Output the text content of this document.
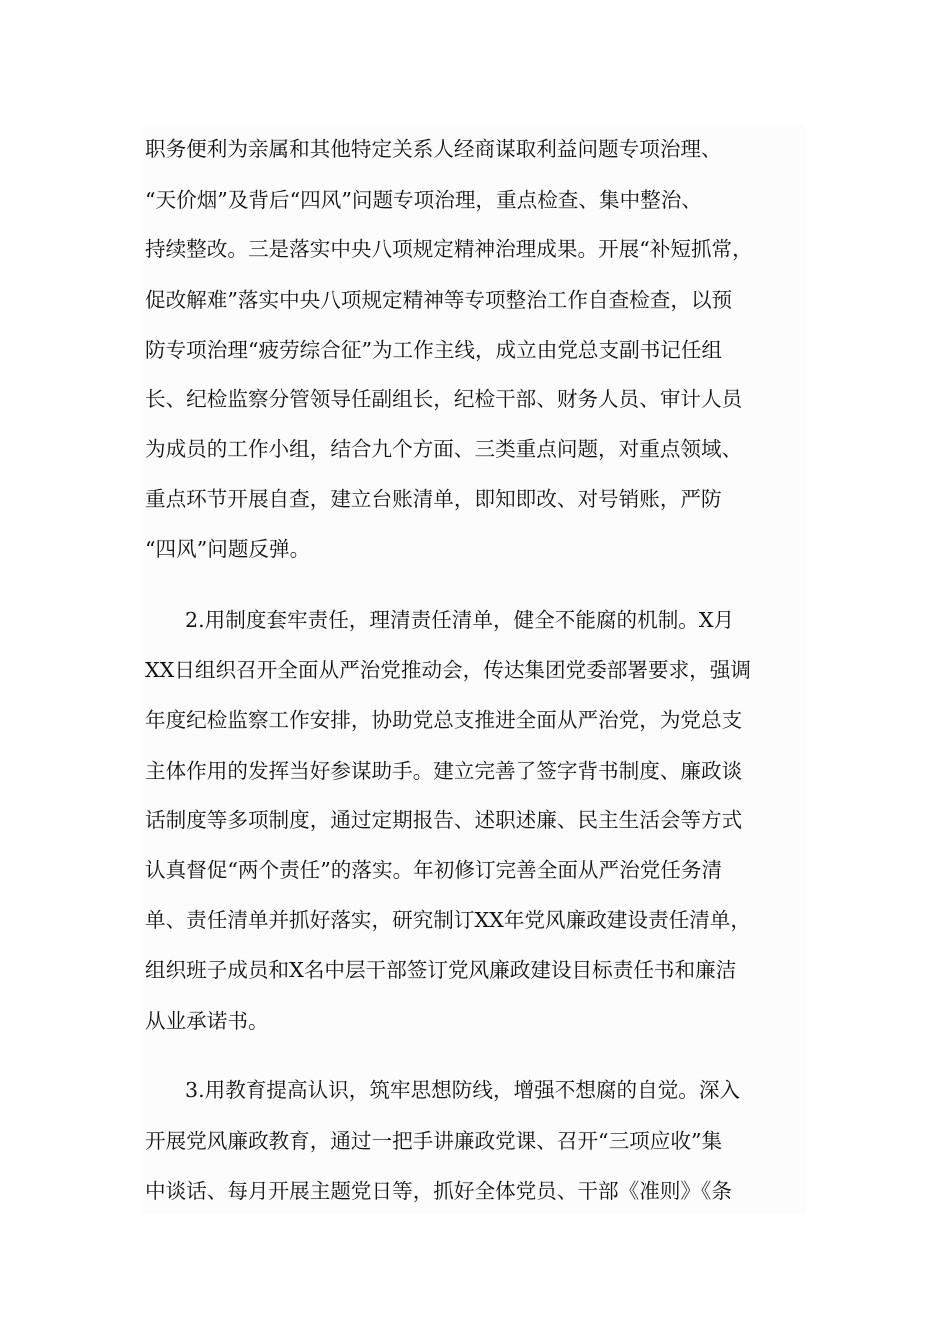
职务便利为亲属和其他特定关系人经商谋取利益问题专项治理、
“天价烟”及背后“四风”问题专项治理，重点检查、集中整治、
持续整改。三是落实中央八项规定精神治理成果。开展“补短抓常，
促改解难”落实中央八项规定精神等专项整治工作自查检查，以预
防专项治理“疲劳综合征”为工作主线，成立由党总支副书记任组
长、纪检监察分管领导任副组长，纪检干部、财务人员、审计人员
为成员的工作小组，结合九个方面、三类重点问题，对重点领域、
重点环节开展自查，建立台账清单，即知即改、对号销账，严防
“四风”问题反弹。
2.用制度套牢责任，理清责任清单，健全不能腐的机制。X月
XX日组织召开全面从严治党推动会，传达集团党委部署要求，强调
年度纪检监察工作安排，协助党总支推进全面从严治党，为党总支
主体作用的发挥当好参谋助手。建立完善了签字背书制度、廉政谈
话制度等多项制度，通过定期报告、述职述廉、民主生活会等方式
认真督促“两个责任”的落实。年初修订完善全面从严治党任务清
单、责任清单并抓好落实，研究制订XX年党风廉政建设责任清单，
组织班子成员和X名中层干部签订党风廉政建设目标责任书和廉洁
从业承诺书。
3.用教育提高认识，筑牢思想防线，增强不想腐的自觉。深入
开展党风廉政教育，通过一把手讲廉政党课、召开“三项应收”集
中谈话、每月开展主题党日等，抓好全体党员、干部《准则》《条
